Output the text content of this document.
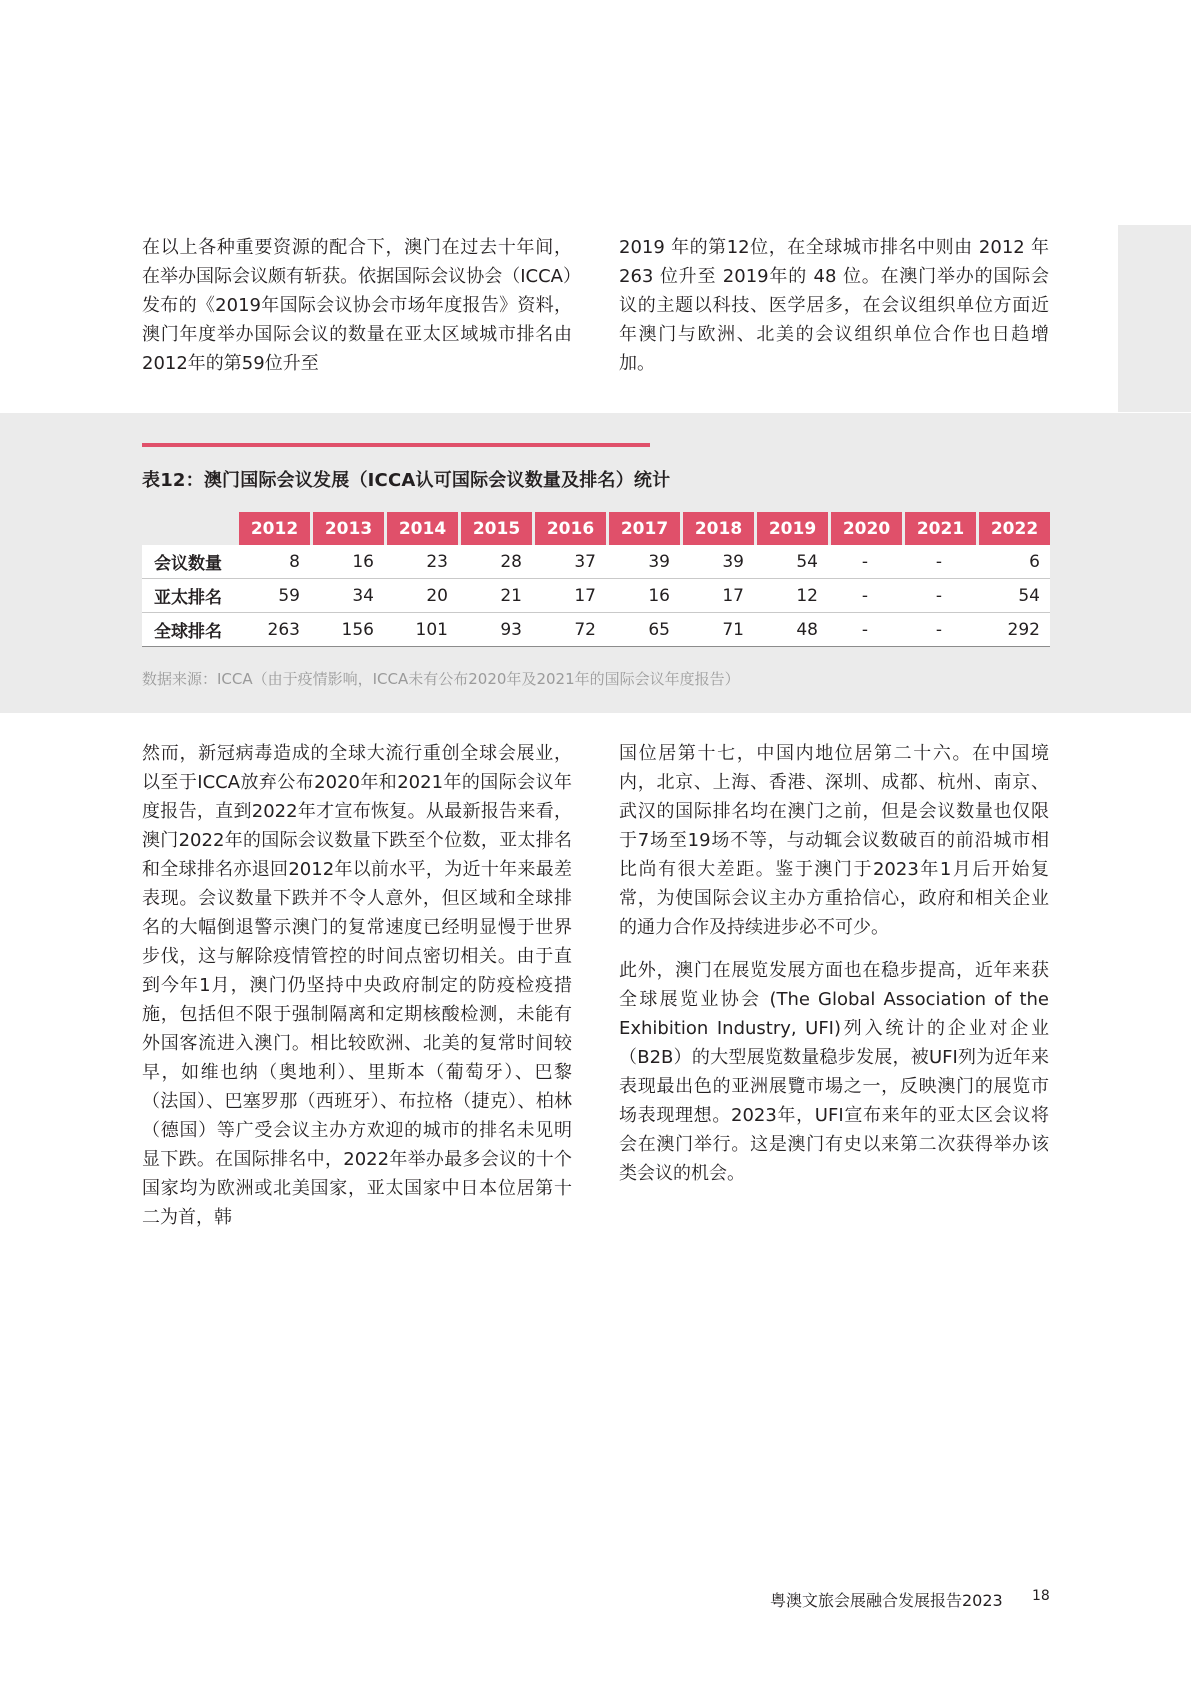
在以上各种重要资源的配合下，澳门在过去十年间，在举办国际会议颇有斩获。依据国际会议协会（ICCA）发布的《2019年国际会议协会市场年度报告》资料，澳门年度举办国际会议的数量在亚太区域城市排名由2012年的第59位升至

2019 年的第12位，在全球城市排名中则由 2012 年 263 位升至 2019年的 48 位。在澳门举办的国际会议的主题以科技、医学居多，在会议组织单位方面近年澳门与欧洲、北美的会议组织单位合作也日趋增加。

表12：澳门国际会议发展（ICCA认可国际会议数量及排名）统计
	2012	2013	2014	2015	2016	2017	2018	2019	2020	2021	2022
会议数量	8	16	23	28	37	39	39	54	-	-	6
亚太排名	59	34	20	21	17	16	17	12	-	-	54
全球排名	263	156	101	93	72	65	71	48	-	-	292
数据来源：ICCA（由于疫情影响，ICCA未有公布2020年及2021年的国际会议年度报告）

然而，新冠病毒造成的全球大流行重创全球会展业，以至于ICCA放弃公布2020年和2021年的国际会议年度报告，直到2022年才宣布恢复。从最新报告来看，澳门2022年的国际会议数量下跌至个位数，亚太排名和全球排名亦退回2012年以前水平，为近十年来最差表现。会议数量下跌并不令人意外，但区域和全球排名的大幅倒退警示澳门的复常速度已经明显慢于世界步伐，这与解除疫情管控的时间点密切相关。由于直到今年1月，澳门仍坚持中央政府制定的防疫检疫措施，包括但不限于强制隔离和定期核酸检测，未能有外国客流进入澳门。相比较欧洲、北美的复常时间较早，如维也纳（奥地利）、里斯本（葡萄牙）、巴黎（法国）、巴塞罗那（西班牙）、布拉格（捷克）、柏林（德国）等广受会议主办方欢迎的城市的排名未见明显下跌。在国际排名中，2022年举办最多会议的十个国家均为欧洲或北美国家，亚太国家中日本位居第十二为首，韩

国位居第十七，中国内地位居第二十六。在中国境内，北京、上海、香港、深圳、成都、杭州、南京、武汉的国际排名均在澳门之前，但是会议数量也仅限于7场至19场不等，与动辄会议数破百的前沿城市相比尚有很大差距。鉴于澳门于2023年1月后开始复常，为使国际会议主办方重拾信心，政府和相关企业的通力合作及持续进步必不可少。

此外，澳门在展览发展方面也在稳步提高，近年来获全球展览业协会 (The Global Association of the Exhibition Industry, UFI)列入统计的企业对企业（B2B）的大型展览数量稳步发展，被UFI列为近年来表现最出色的亚洲展覽市場之一，反映澳门的展览市场表现理想。2023年，UFI宣布来年的亚太区会议将会在澳门举行。这是澳门有史以来第二次获得举办该类会议的机会。

粤澳文旅会展融合发展报告2023 18
